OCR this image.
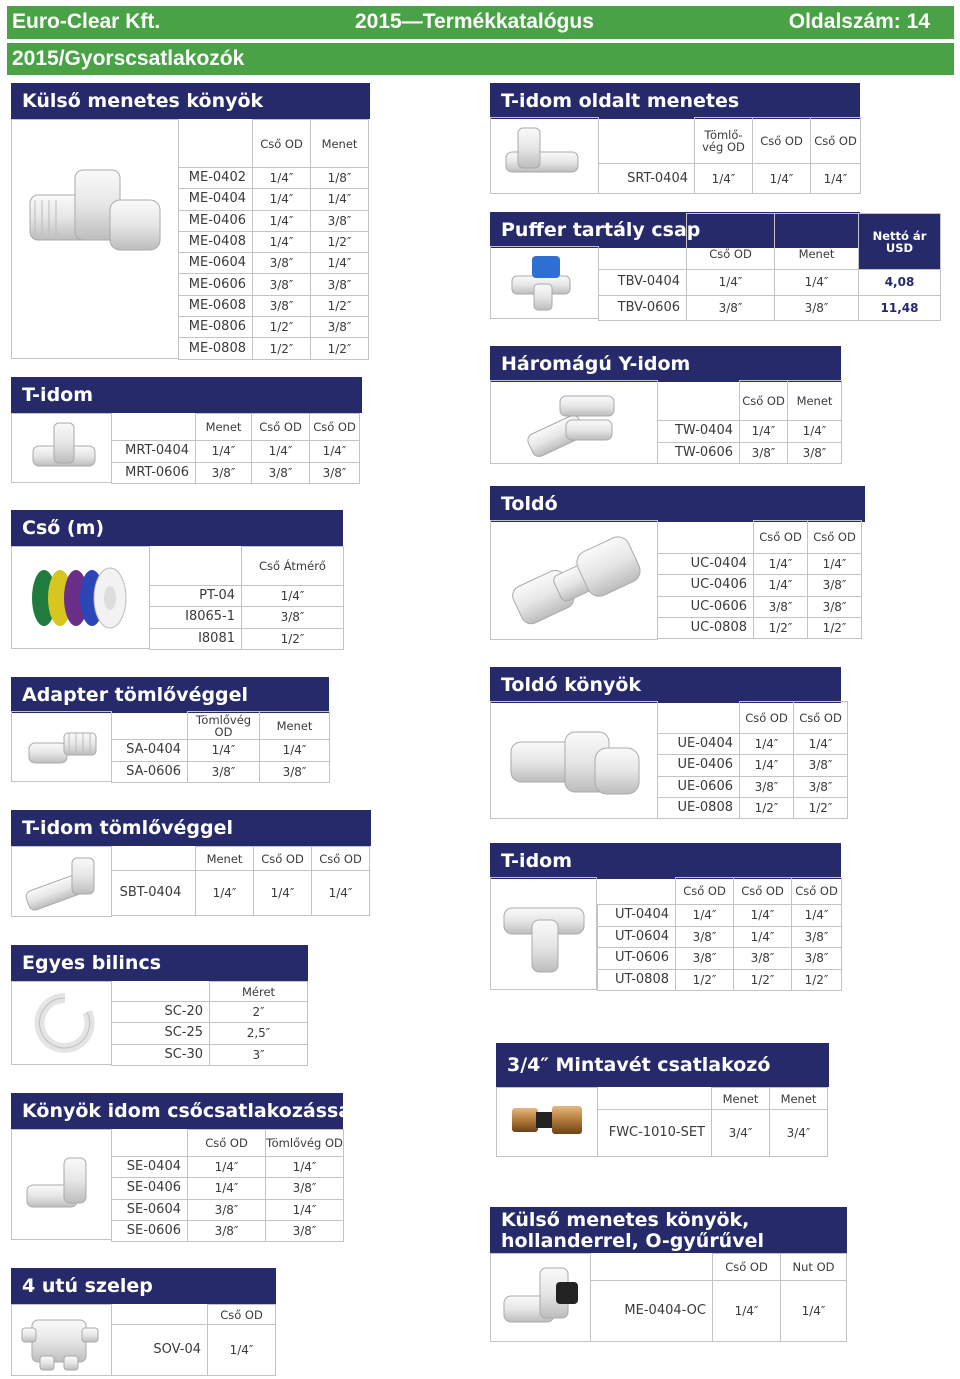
Euro-Clear Kft.	2015—Termékkatalógus	Oldalszám: 14
2015/Gyorscsatlakozók
Külső menetes könyök
	Cső OD	Menet
ME-0402	1/4″	1/8″
ME-0404	1/4″	1/4″
ME-0406	1/4″	3/8″
ME-0408	1/4″	1/2″
ME-0604	3/8″	1/4″
ME-0606	3/8″	3/8″
ME-0608	3/8″	1/2″
ME-0806	1/2″	3/8″
ME-0808	1/2″	1/2″
T-idom
	Menet	Cső OD	Cső OD
MRT-0404	1/4″	1/4″	1/4″
MRT-0606	3/8″	3/8″	3/8″
Cső (m)
	Cső Átmérő
PT-04	1/4″
I8065-1	3/8″
I8081	1/2″
Adapter tömlővéggel
	Tömlővég OD	Menet
SA-0404	1/4″	1/4″
SA-0606	3/8″	3/8″
T-idom tömlővéggel
	Menet	Cső OD	Cső OD
SBT-0404	1/4″	1/4″	1/4″
Egyes bilincs
	Méret
SC-20	2″
SC-25	2,5″
SC-30	3″
Könyök idom csőcsatlakozással
	Cső OD	Tömlővég OD
SE-0404	1/4″	1/4″
SE-0406	1/4″	3/8″
SE-0604	3/8″	1/4″
SE-0606	3/8″	3/8″
4 utú szelep
	Cső OD
SOV-04	1/4″
T-idom oldalt menetes
	Tömlő-vég OD	Cső OD	Cső OD
SRT-0404	1/4″	1/4″	1/4″
Puffer tartály csap
	Cső OD	Menet	Nettó ár USD
TBV-0404	1/4″	1/4″	4,08
TBV-0606	3/8″	3/8″	11,48
Háromágú Y-idom
	Cső OD	Menet
TW-0404	1/4″	1/4″
TW-0606	3/8″	3/8″
Toldó
	Cső OD	Cső OD
UC-0404	1/4″	1/4″
UC-0406	1/4″	3/8″
UC-0606	3/8″	3/8″
UC-0808	1/2″	1/2″
Toldó könyök
	Cső OD	Cső OD
UE-0404	1/4″	1/4″
UE-0406	1/4″	3/8″
UE-0606	3/8″	3/8″
UE-0808	1/2″	1/2″
T-idom
	Cső OD	Cső OD	Cső OD
UT-0404	1/4″	1/4″	1/4″
UT-0604	3/8″	1/4″	3/8″
UT-0606	3/8″	3/8″	3/8″
UT-0808	1/2″	1/2″	1/2″
3/4″ Mintavét csatlakozó
	Menet	Menet
FWC-1010-SET	3/4″	3/4″
Külső menetes könyök, hollanderrel, O-gyűrűvel
	Cső OD	Nut OD
ME-0404-OC	1/4″	1/4″
